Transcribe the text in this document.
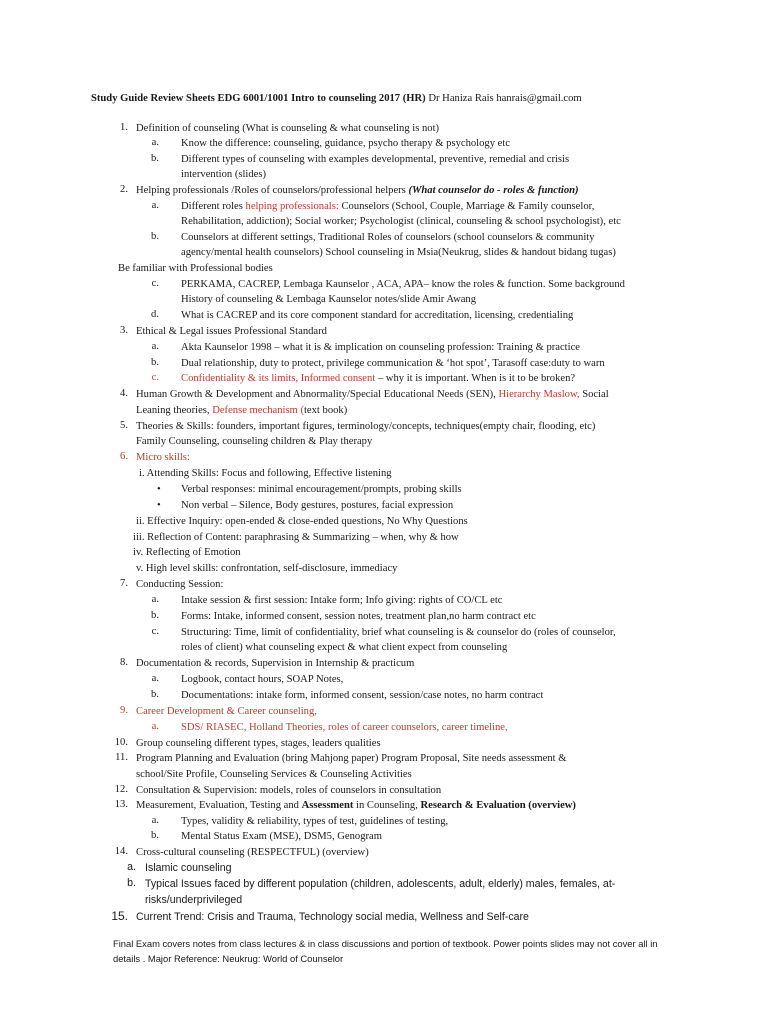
Study Guide Review Sheets EDG 6001/1001 Intro to counseling 2017 (HR) Dr Haniza Rais hanrais@gmail.com
1. Definition of counseling (What is counseling & what counseling is not)
a. Know the difference: counseling, guidance, psycho therapy & psychology etc
b. Different types of counseling with examples developmental, preventive, remedial and crisis
intervention (slides)
2. Helping professionals /Roles of counselors/professional helpers (What counselor do - roles & function)
a. Different roles helping professionals: Counselors (School, Couple, Marriage & Family counselor,
Rehabilitation, addiction); Social worker; Psychologist (clinical, counseling & school psychologist), etc
b. Counselors at different settings, Traditional Roles of counselors (school counselors & community
agency/mental health counselors) School counseling in Msia(Neukrug, slides & handout bidang tugas)
Be familiar with Professional bodies
c. PERKAMA, CACREP, Lembaga Kaunselor , ACA, APA– know the roles & function. Some background
History of counseling & Lembaga Kaunselor notes/slide Amir Awang
d. What is CACREP and its core component standard for accreditation, licensing, credentialing
3. Ethical & Legal issues Professional Standard
a. Akta Kaunselor 1998 – what it is & implication on counseling profession: Training & practice
b. Dual relationship, duty to protect, privilege communication & ‘hot spot’, Tarasoff case:duty to warn
c. Confidentiality & its limits, Informed consent – why it is important. When is it to be broken?
4. Human Growth & Development and Abnormality/Special Educational Needs (SEN), Hierarchy Maslow, Social
Leaning theories, Defense mechanism (text book)
5. Theories & Skills: founders, important figures, terminology/concepts, techniques(empty chair, flooding, etc)
Family Counseling, counseling children & Play therapy
6. Micro skills:
i. Attending Skills: Focus and following, Effective listening
• Verbal responses: minimal encouragement/prompts, probing skills
• Non verbal – Silence, Body gestures, postures, facial expression
ii. Effective Inquiry: open-ended & close-ended questions, No Why Questions
iii. Reflection of Content: paraphrasing & Summarizing – when, why & how
iv. Reflecting of Emotion
v. High level skills: confrontation, self-disclosure, immediacy
7. Conducting Session:
a. Intake session & first session: Intake form; Info giving: rights of CO/CL etc
b. Forms: Intake, informed consent, session notes, treatment plan,no harm contract etc
c. Structuring: Time, limit of confidentiality, brief what counseling is & counselor do (roles of counselor,
roles of client) what counseling expect & what client expect from counseling
8. Documentation & records, Supervision in Internship & practicum
a. Logbook, contact hours, SOAP Notes,
b. Documentations: intake form, informed consent, session/case notes, no harm contract
9. Career Development & Career counseling,
a. SDS/ RIASEC, Holland Theories, roles of career counselors, career timeline,
10. Group counseling different types, stages, leaders qualities
11. Program Planning and Evaluation (bring Mahjong paper) Program Proposal, Site needs assessment &
school/Site Profile, Counseling Services & Counseling Activities
12. Consultation & Supervision: models, roles of counselors in consultation
13. Measurement, Evaluation, Testing and Assessment in Counseling, Research & Evaluation (overview)
a. Types, validity & reliability, types of test, guidelines of testing,
b. Mental Status Exam (MSE), DSM5, Genogram
14. Cross-cultural counseling (RESPECTFUL) (overview)
a. Islamic counseling
b. Typical Issues faced by different population (children, adolescents, adult, elderly) males, females, at-
risks/underprivileged
15. Current Trend: Crisis and Trauma, Technology social media, Wellness and Self-care
Final Exam covers notes from class lectures & in class discussions and portion of textbook. Power points slides may not cover all in details . Major Reference: Neukrug: World of Counselor
